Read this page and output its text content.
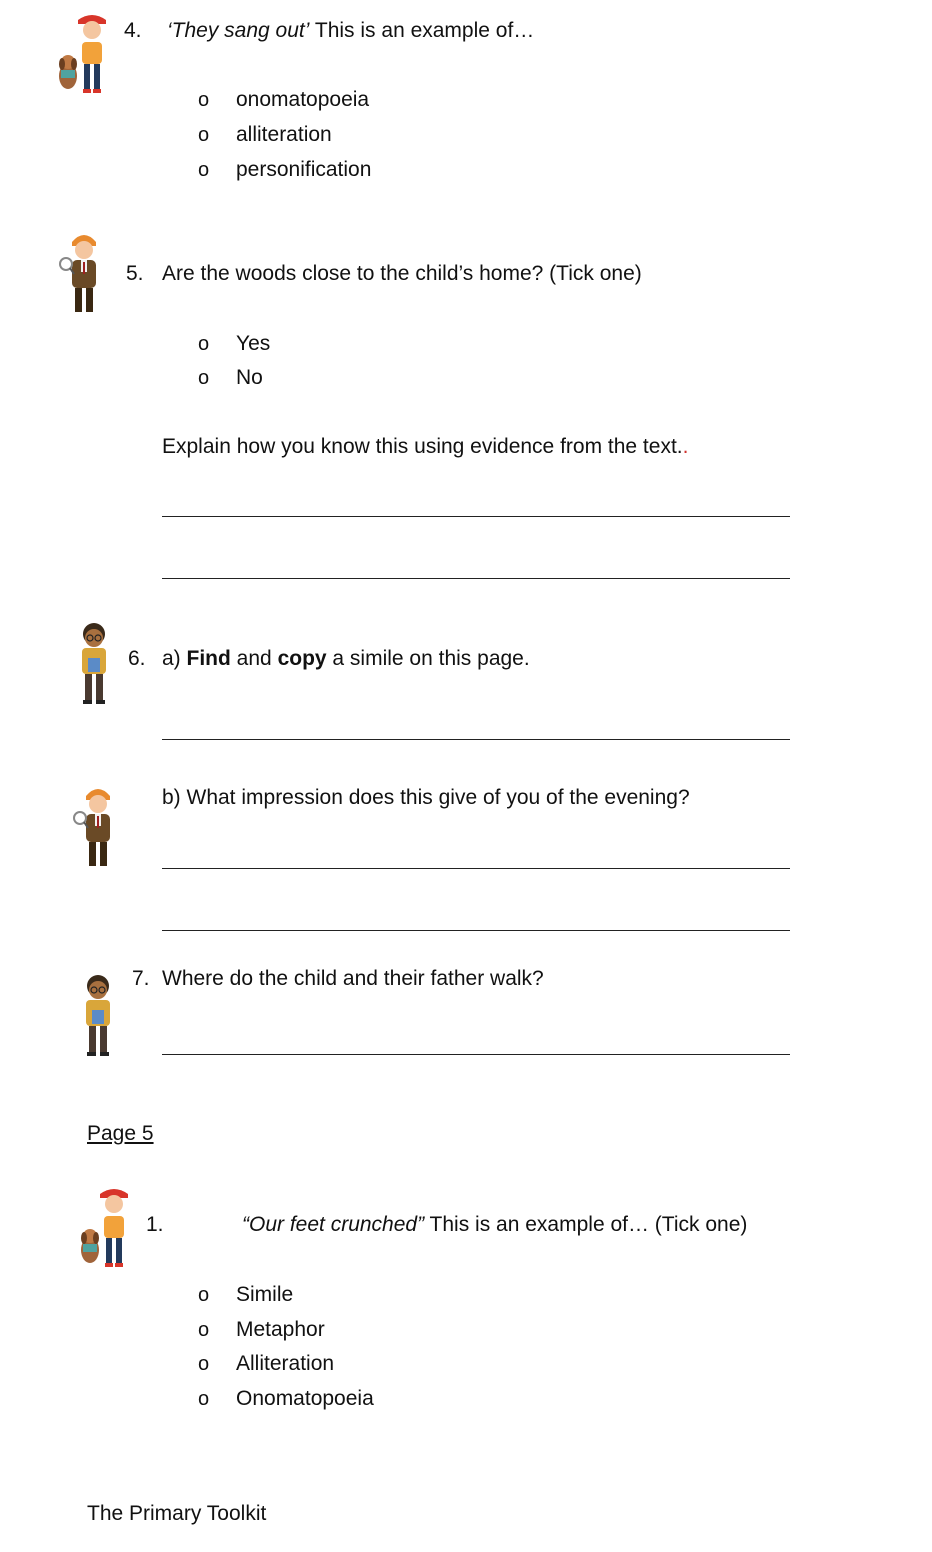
4. ‘They sang out’ This is an example of…
o onomatopoeia
o alliteration
o personification
5. Are the woods close to the child’s home? (Tick one)
o Yes
o No
Explain how you know this using evidence from the text..
6. a) Find and copy a simile on this page.
b) What impression does this give of you of the evening?
7. Where do the child and their father walk?
Page 5
1.	“Our feet crunched” This is an example of… (Tick one)
o Simile
o Metaphor
o Alliteration
o Onomatopoeia
The Primary Toolkit
